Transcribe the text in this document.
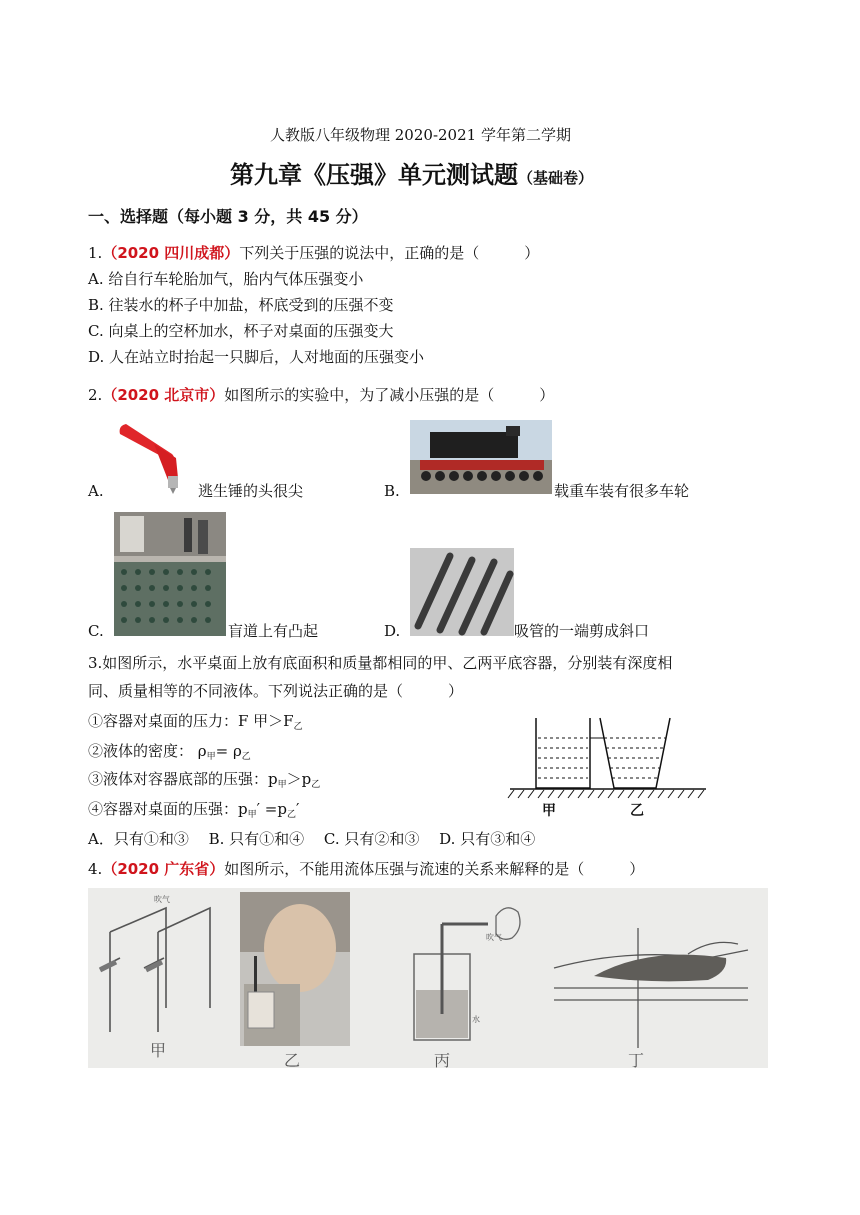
人教版八年级物理 2020-2021 学年第二学期
第九章《压强》单元测试题（基础卷）
一、选择题（每小题 3 分，共 45 分）
1.（2020 四川成都）下列关于压强的说法中，正确的是（　　　）
A. 给自行车轮胎加气，胎内气体压强变小
B. 往装水的杯子中加盐，杯底受到的压强不变
C. 向桌上的空杯加水，杯子对桌面的压强变大
D. 人在站立时抬起一只脚后，人对地面的压强变小
2.（2020 北京市）如图所示的实验中，为了减小压强的是（　　　）
A.	逃生锤的头很尖	B.	载重车装有很多车轮
C.	盲道上有凸起	D.	吸管的一端剪成斜口
3.如图所示，水平桌面上放有底面积和质量都相同的甲、乙两平底容器，分别装有深度相
同、质量相等的不同液体。下列说法正确的是（　　　）
①容器对桌面的压力：F 甲$>F_乙$
②液体的密度： $\rho_甲= \rho_乙$
③液体对容器底部的压强：$p_甲>p_乙$
④容器对桌面的压强：$p_甲' =p_乙'$
A．只有①和③　 B. 只有①和④　 C. 只有②和③　 D. 只有③和④
甲	乙
4.（2020 广东省）如图所示，不能用流体压强与流速的关系来解释的是（　　　）
吹气
吹气
水
甲
乙	丙	丁
